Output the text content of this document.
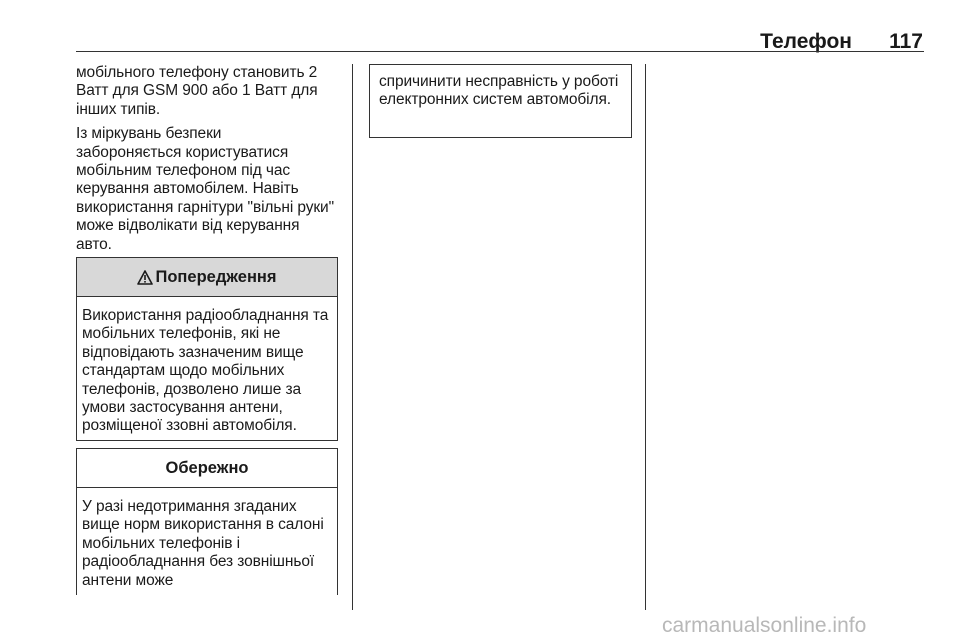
Телефон	117

мобільного телефону становить 2 Ватт для GSM 900 або 1 Ватт для інших типів.

Із міркувань безпеки
забороняється користуватися мобільним телефоном під час керування автомобілем. Навіть використання гарнітури "вільні руки" може відволікати від керування авто.

Попередження
Використання радіообладнання та мобільних телефонів, які не відповідають зазначеним вище стандартам щодо мобільних телефонів, дозволено лише за умови застосування антени, розміщеної ззовні автомобіля.
Обережно
У разі недотримання згаданих вище норм використання в салоні мобільних телефонів і радіообладнання без зовнішньої антени може
спричинити несправність у роботі електронних систем автомобіля.
carmanualsonline.info
